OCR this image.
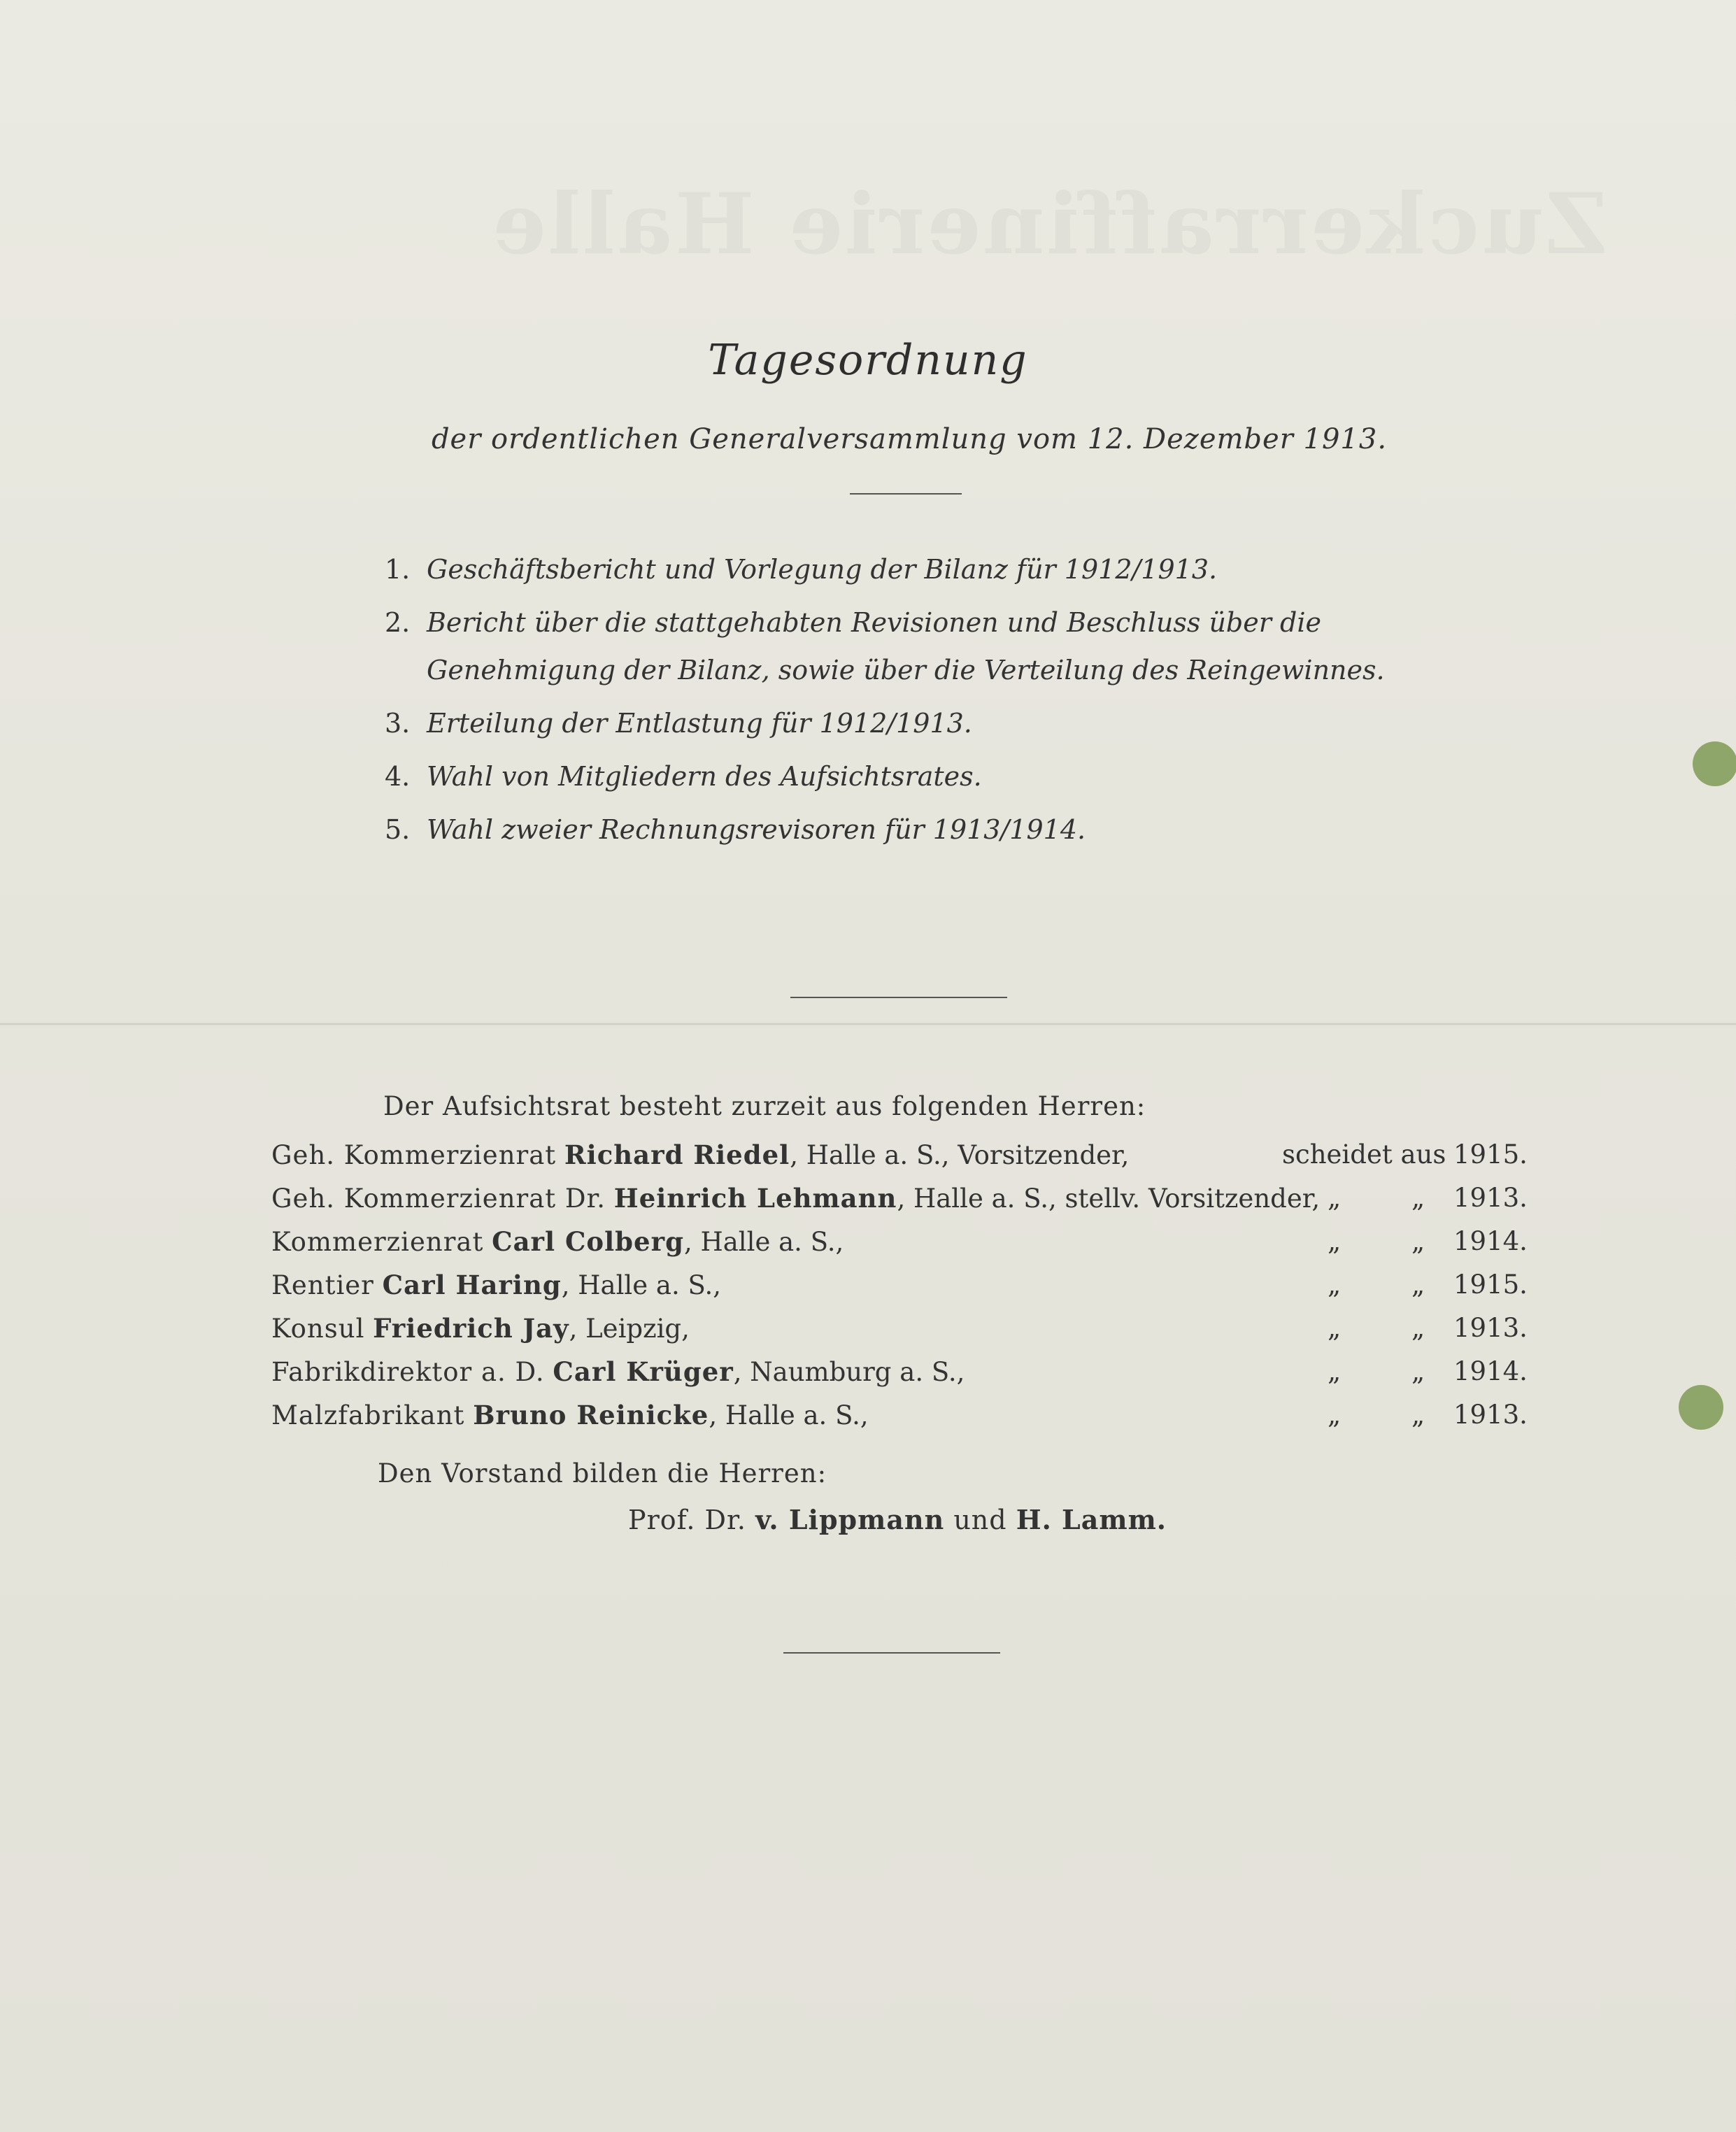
Zuckerraffinerie Halle
Tagesordnung
der ordentlichen Generalversammlung vom 12. Dezember 1913.
1. Geschäftsbericht und Vorlegung der Bilanz für 1912/1913.
2. Bericht über die stattgehabten Revisionen und Beschluss über die Genehmigung der Bilanz, sowie über die Verteilung des Reingewinnes.
3. Erteilung der Entlastung für 1912/1913.
4. Wahl von Mitgliedern des Aufsichtsrates.
5. Wahl zweier Rechnungsrevisoren für 1913/1914.
Der Aufsichtsrat besteht zurzeit aus folgenden Herren:
Geh. Kommerzienrat Richard Riedel, Halle a. S., Vorsitzender,	scheidet aus 1915.
Geh. Kommerzienrat Dr. Heinrich Lehmann, Halle a. S., stellv. Vorsitzender, „	„ 1913.
Kommerzienrat Carl Colberg, Halle a. S.,	„	„ 1914.
Rentier Carl Haring, Halle a. S.,	„	„ 1915.
Konsul Friedrich Jay, Leipzig,	„	„ 1913.
Fabrikdirektor a. D. Carl Krüger, Naumburg a. S.,	„	„ 1914.
Malzfabrikant Bruno Reinicke, Halle a. S.,	„	„ 1913.
Den Vorstand bilden die Herren:
Prof. Dr. v. Lippmann und H. Lamm.
